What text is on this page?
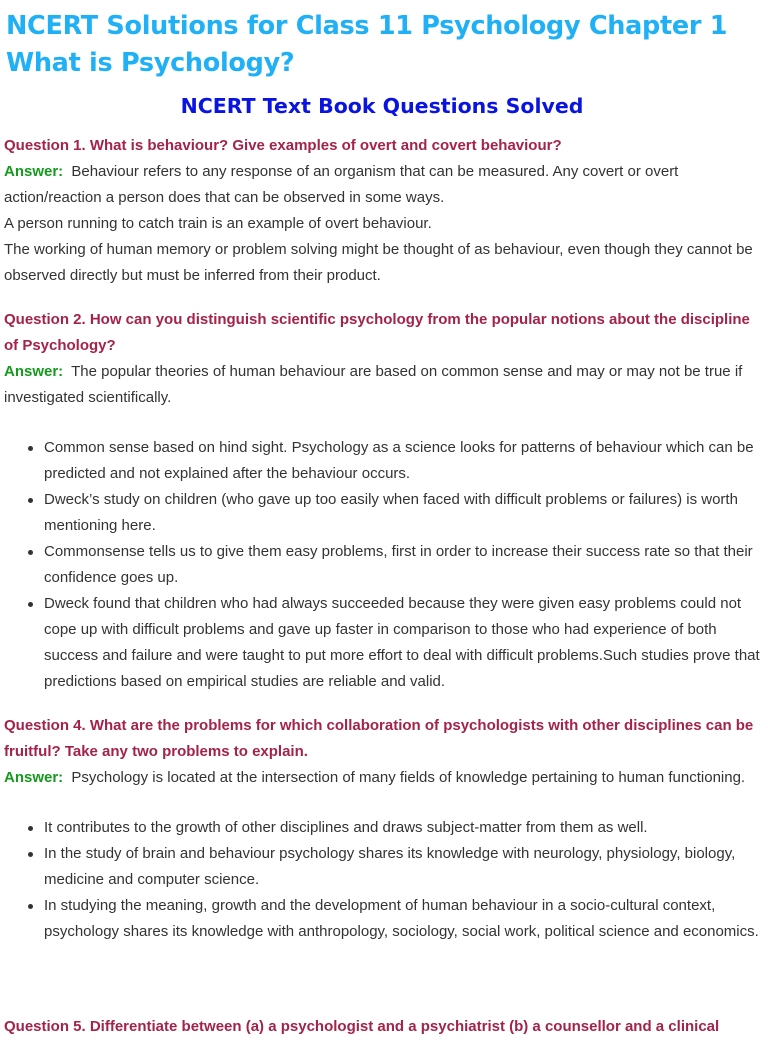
NCERT Solutions for Class 11 Psychology Chapter 1 What is Psychology?
NCERT Text Book Questions Solved

Question 1. What is behaviour? Give examples of overt and covert behaviour?

Answer: Behaviour refers to any response of an organism that can be measured. Any covert or overt action/reaction a person does that can be observed in some ways.

A person running to catch train is an example of overt behaviour.

The working of human memory or problem solving might be thought of as behaviour, even though they cannot be observed directly but must be inferred from their product.

Question 2. How can you distinguish scientific psychology from the popular notions about the discipline of Psychology?

Answer: The popular theories of human behaviour are based on common sense and may or may not be true if investigated scientifically.

Common sense based on hind sight. Psychology as a science looks for patterns of behaviour which can be predicted and not explained after the behaviour occurs.
Dweck’s study on children (who gave up too easily when faced with difficult problems or failures) is worth mentioning here.
Commonsense tells us to give them easy problems, first in order to increase their success rate so that their confidence goes up.
Dweck found that children who had always succeeded because they were given easy problems could not cope up with difficult problems and gave up faster in comparison to those who had experience of both success and failure and were taught to put more effort to deal with difficult problems.Such studies prove that predictions based on empirical studies are reliable and valid.

Question 4. What are the problems for which collaboration of psychologists with other disciplines can be fruitful? Take any two problems to explain.

Answer: Psychology is located at the intersection of many fields of knowledge pertaining to human functioning.

It contributes to the growth of other disciplines and draws subject-matter from them as well.
In the study of brain and behaviour psychology shares its knowledge with neurology, physiology, biology, medicine and computer science.
In studying the meaning, growth and the development of human behaviour in a socio-cultural context, psychology shares its knowledge with anthropology, sociology, social work, political science and economics.
Question 5. Differentiate between (a) a psychologist and a psychiatrist (b) a counsellor and a clinical
